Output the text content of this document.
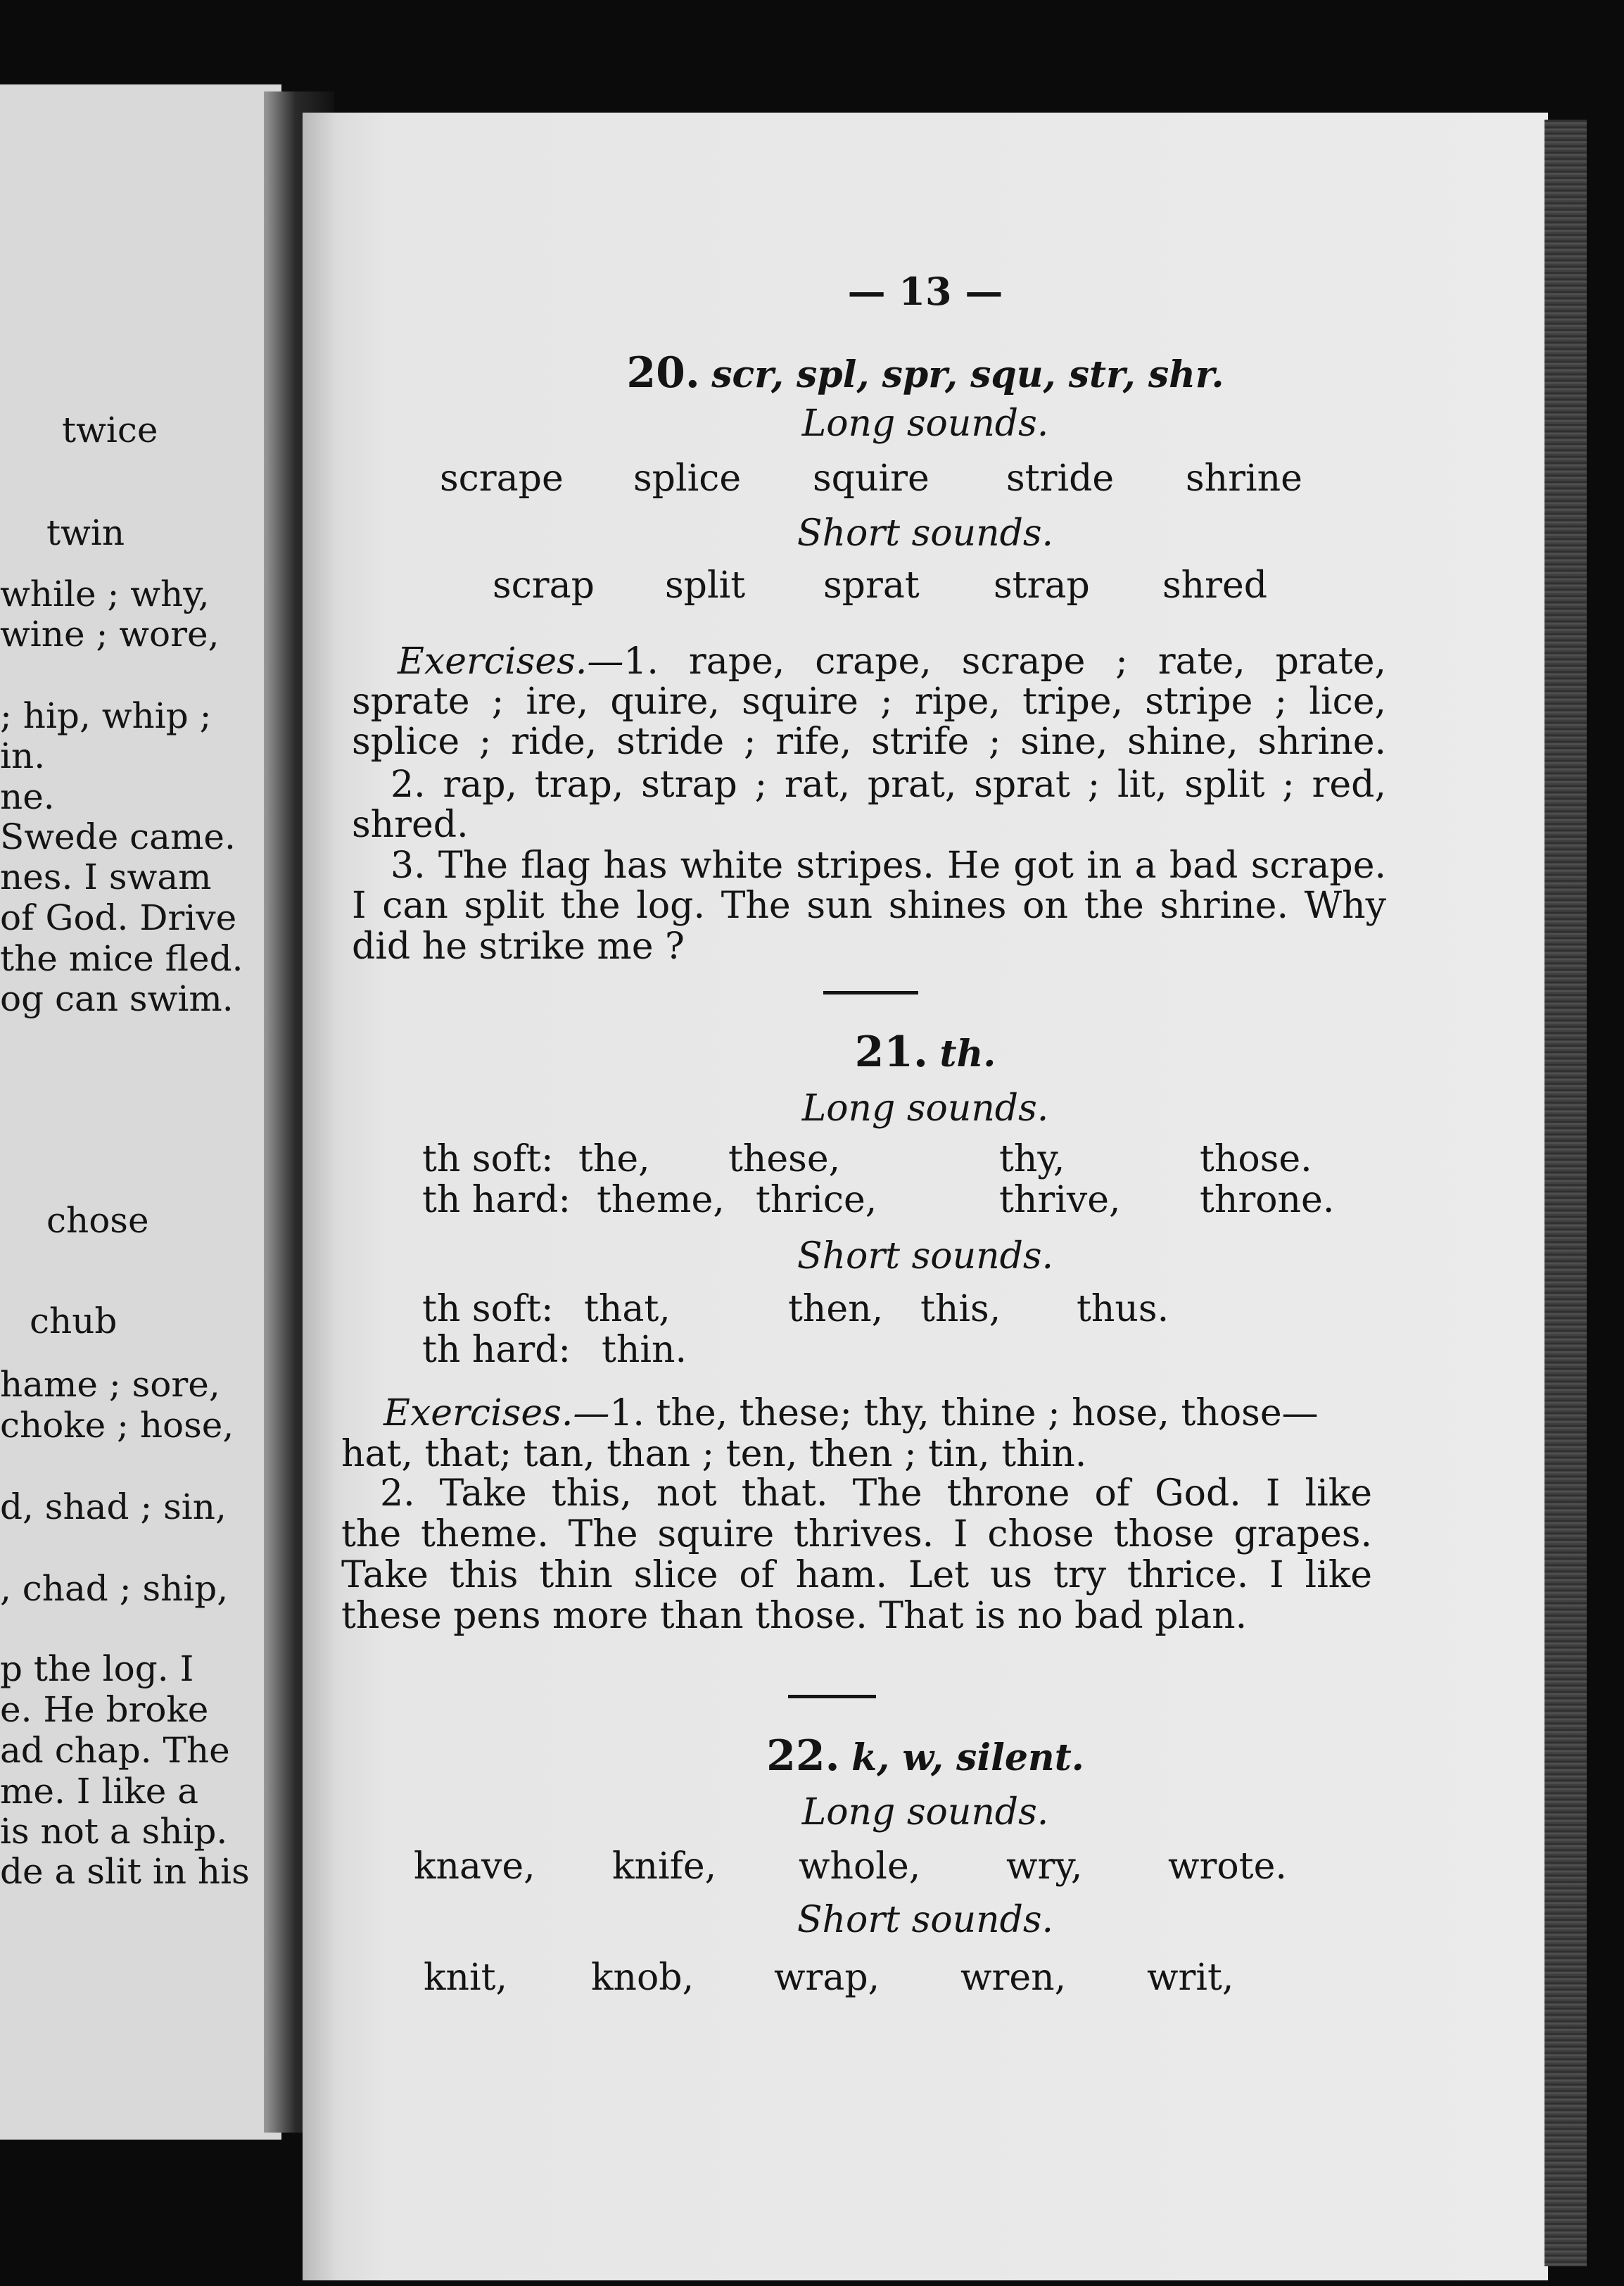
twice
twin
while ; why,
wine ; wore,
; hip, whip ;
in.
ne.
Swede came.
nes. I swam
of God. Drive
the mice fled.
og can swim.
chose
chub
hame ; sore,
choke ; hose,
d, shad ; sin,
, chad ; ship,
p the log. I
e. He broke
ad chap. The
me. I like a
is not a ship.
de a slit in his
— 13 —
20. scr, spl, spr, squ, str, shr.
Long sounds.
scrape splice squire stride shrine
Short sounds.
scrap split sprat strap shred
Exercises.—1. rape, crape, scrape ; rate, prate,
sprate ; ire, quire, squire ; ripe, tripe, stripe ; lice,
splice ; ride, stride ; rife, strife ; sine, shine, shrine.
2. rap, trap, strap ; rat, prat, sprat ; lit, split ; red,
shred.
3. The flag has white stripes. He got in a bad scrape.
I can split the log. The sun shines on the shrine. Why
did he strike me ?
21. th.
Long sounds.
th soft: the, these,	thy,	those.
th hard: theme, thrice,	thrive, throne.
Short sounds.
th soft: that,	then, this, thus.
th hard: thin.
Exercises.—1. the, these; thy, thine ; hose, those—
hat, that; tan, than ; ten, then ; tin, thin.
2. Take this, not that. The throne of God. I like
the theme. The squire thrives. I chose those grapes.
Take this thin slice of ham. Let us try thrice. I like
these pens more than those. That is no bad plan.
22. k, w, silent.
Long sounds.
knave, knife, whole, wry, wrote.
Short sounds.
knit, knob, wrap, wren, writ,
